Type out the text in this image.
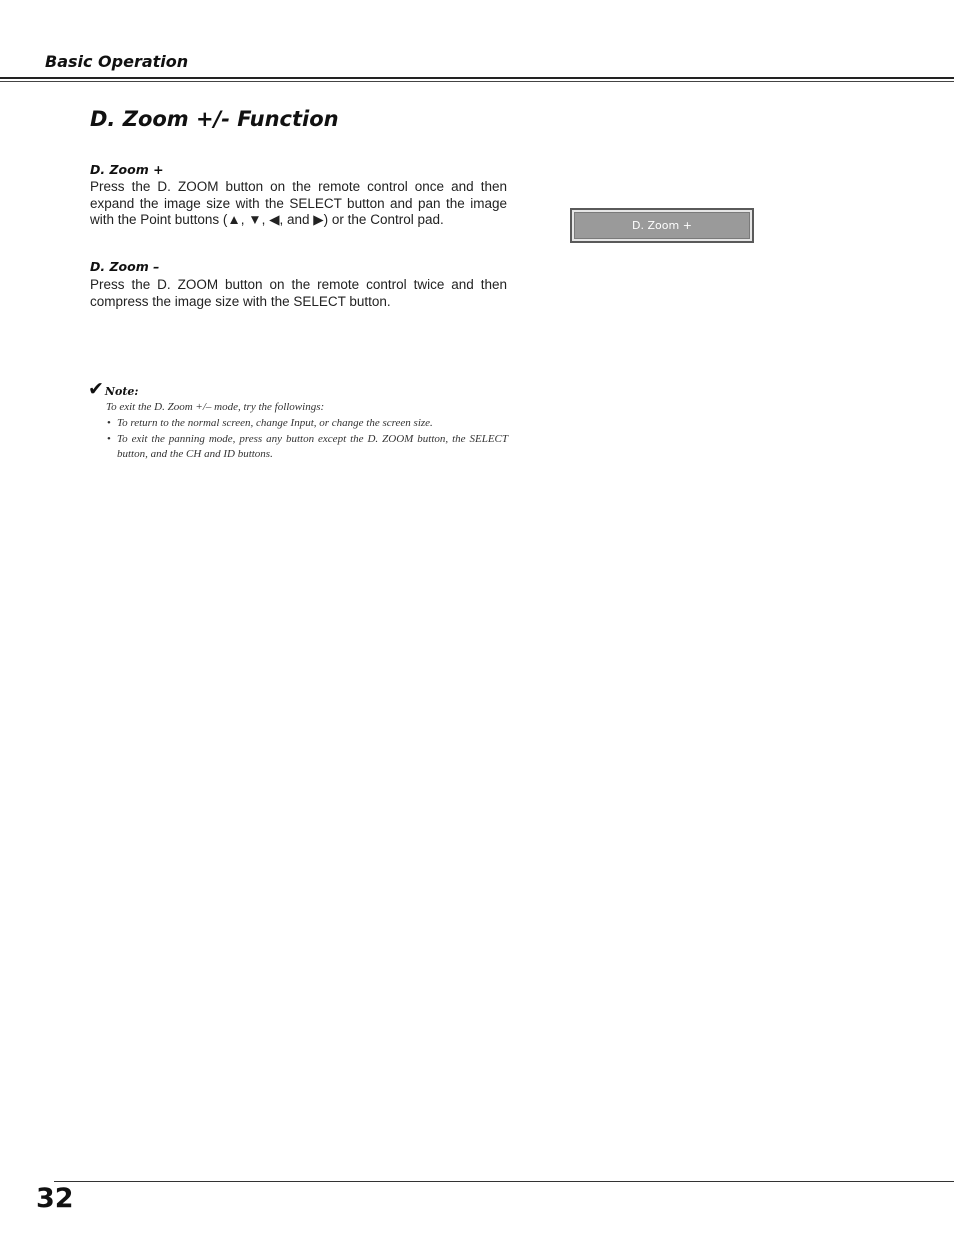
Basic Operation
D. Zoom +/- Function
D. Zoom +
Press the D. ZOOM button on the remote control once and then expand the image size with the SELECT button and pan the image with the Point buttons (▲, ▼, ◀, and ▶) or the Control pad.	D. Zoom +
D. Zoom –
Press the D. ZOOM button on the remote control twice and then compress the image size with the SELECT button.
✔ Note:
To exit the D. Zoom +/– mode, try the followings:
• To return to the normal screen, change Input, or change the screen size.
• To exit the panning mode, press any button except the D. ZOOM button, the SELECT button, and the CH and ID buttons.
32
